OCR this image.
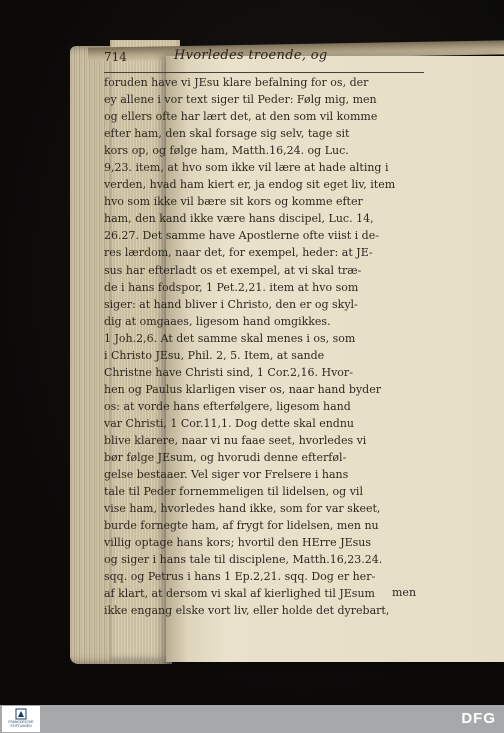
714	Hvorledes troende, og
foruden have vi JEsu klare befalning for os, der
ey allene i vor text siger til Peder: Følg mig, men
og ellers ofte har lært det, at den som vil komme
efter ham, den skal forsage sig selv, tage sit
kors op, og følge ham, Matth.16,24. og Luc.
9,23. item, at hvo som ikke vil lære at hade alting i
verden, hvad ham kiert er, ja endog sit eget liv, item
hvo som ikke vil bære sit kors og komme efter
ham, den kand ikke være hans discipel, Luc. 14,
26.27. Det samme have Apostlerne ofte viist i de-
res lærdom, naar det, for exempel, heder: at JE-
sus har efterladt os et exempel, at vi skal træ-
de i hans fodspor, 1 Pet.2,21. item at hvo som
siger: at hand bliver i Christo, den er og skyl-
dig at omgaaes, ligesom hand omgikkes.
1 Joh.2,6. At det samme skal menes i os, som
i Christo JEsu, Phil. 2, 5. Item, at sande
Christne have Christi sind, 1 Cor.2,16. Hvor-
hen og Paulus klarligen viser os, naar hand byder
os: at vorde hans efterfølgere, ligesom hand
var Christi, 1 Cor.11,1. Dog dette skal endnu
blive klarere, naar vi nu faae seet, hvorledes vi
bør følge JEsum, og hvorudi denne efterføl-
gelse bestaaer. Vel siger vor Frelsere i hans
tale til Peder fornemmeligen til lidelsen, og vil
vise ham, hvorledes hand ikke, som for var skeet,
burde fornegte ham, af frygt for lidelsen, men nu
villig optage hans kors; hvortil den HErre JEsus
og siger i hans tale til disciplene, Matth.16,23.24.
sqq. og Petrus i hans 1 Ep.2,21. sqq. Dog er her-
af klart, at dersom vi skal af kierlighed til JEsum
ikke engang elske vort liv, eller holde det dyrebart,
men
FRANCKESCHE STIFTUNGEN	DFG
